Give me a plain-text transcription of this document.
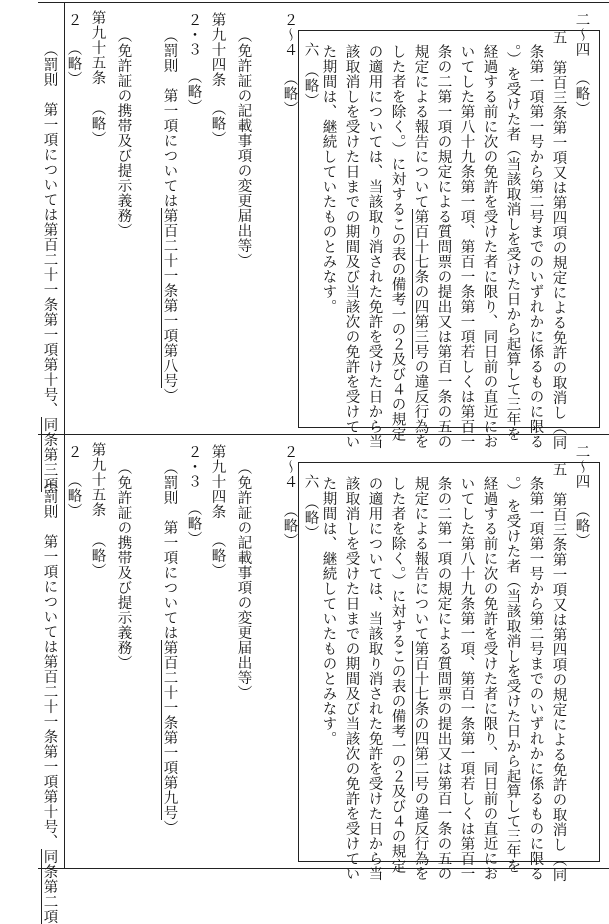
二〜四（略）
五　第百三条第一項又は第四項の規定による免許の取消し（同
条第一項第一号から第二号までのいずれかに係るものに限る
。）を受けた者（当該取消しを受けた日から起算して三年を
経過する前に次の免許を受けた者に限り、同日前の直近にお
いてした第八十九条第一項、第百一条第一項若しくは第百一
条の二第一項の規定による質問票の提出又は第百一条の五の
規定による報告について第百十七条の四第三号の違反行為を
した者を除く。）に対するこの表の備考一の２及び４の規定
の適用については、当該取り消された免許を受けた日から当
該取消しを受けた日までの期間及び当該次の免許を受けてい
た期間は、継続していたものとみなす。
六（略）
２〜４（略）
（免許証の記載事項の変更届出等）
第九十四条（略）
２・３（略）
（罰則　第一項については第百二十一条第一項第八号）
（免許証の携帯及び提示義務）
第九十五条（略）
２（略）
（罰則　第一項については第百二十一条第一項第十号、同条第三項	二〜四（略）
五　第百三条第一項又は第四項の規定による免許の取消し（同
条第一項第一号から第二号までのいずれかに係るものに限る
。）を受けた者（当該取消しを受けた日から起算して三年を
経過する前に次の免許を受けた者に限り、同日前の直近にお
いてした第八十九条第一項、第百一条第一項若しくは第百一
条の二第一項の規定による質問票の提出又は第百一条の五の
規定による報告について第百十七条の四第二号の違反行為を
した者を除く。）に対するこの表の備考一の２及び４の規定
の適用については、当該取り消された免許を受けた日から当
該取消しを受けた日までの期間及び当該次の免許を受けてい
２〜４（略）
（免許証の記載事項の変更届出等）
第九十四条（略）
２・３（略）
（罰則　第一項については第百二十一条第一項第九号）
（免許証の携帯及び提示義務）
第九十五条（略）
２（略）
（罰則　第一項については第百二十一条第一項第十号、同条第二項
た期間は、継続していたものとみなす。
六（略）
